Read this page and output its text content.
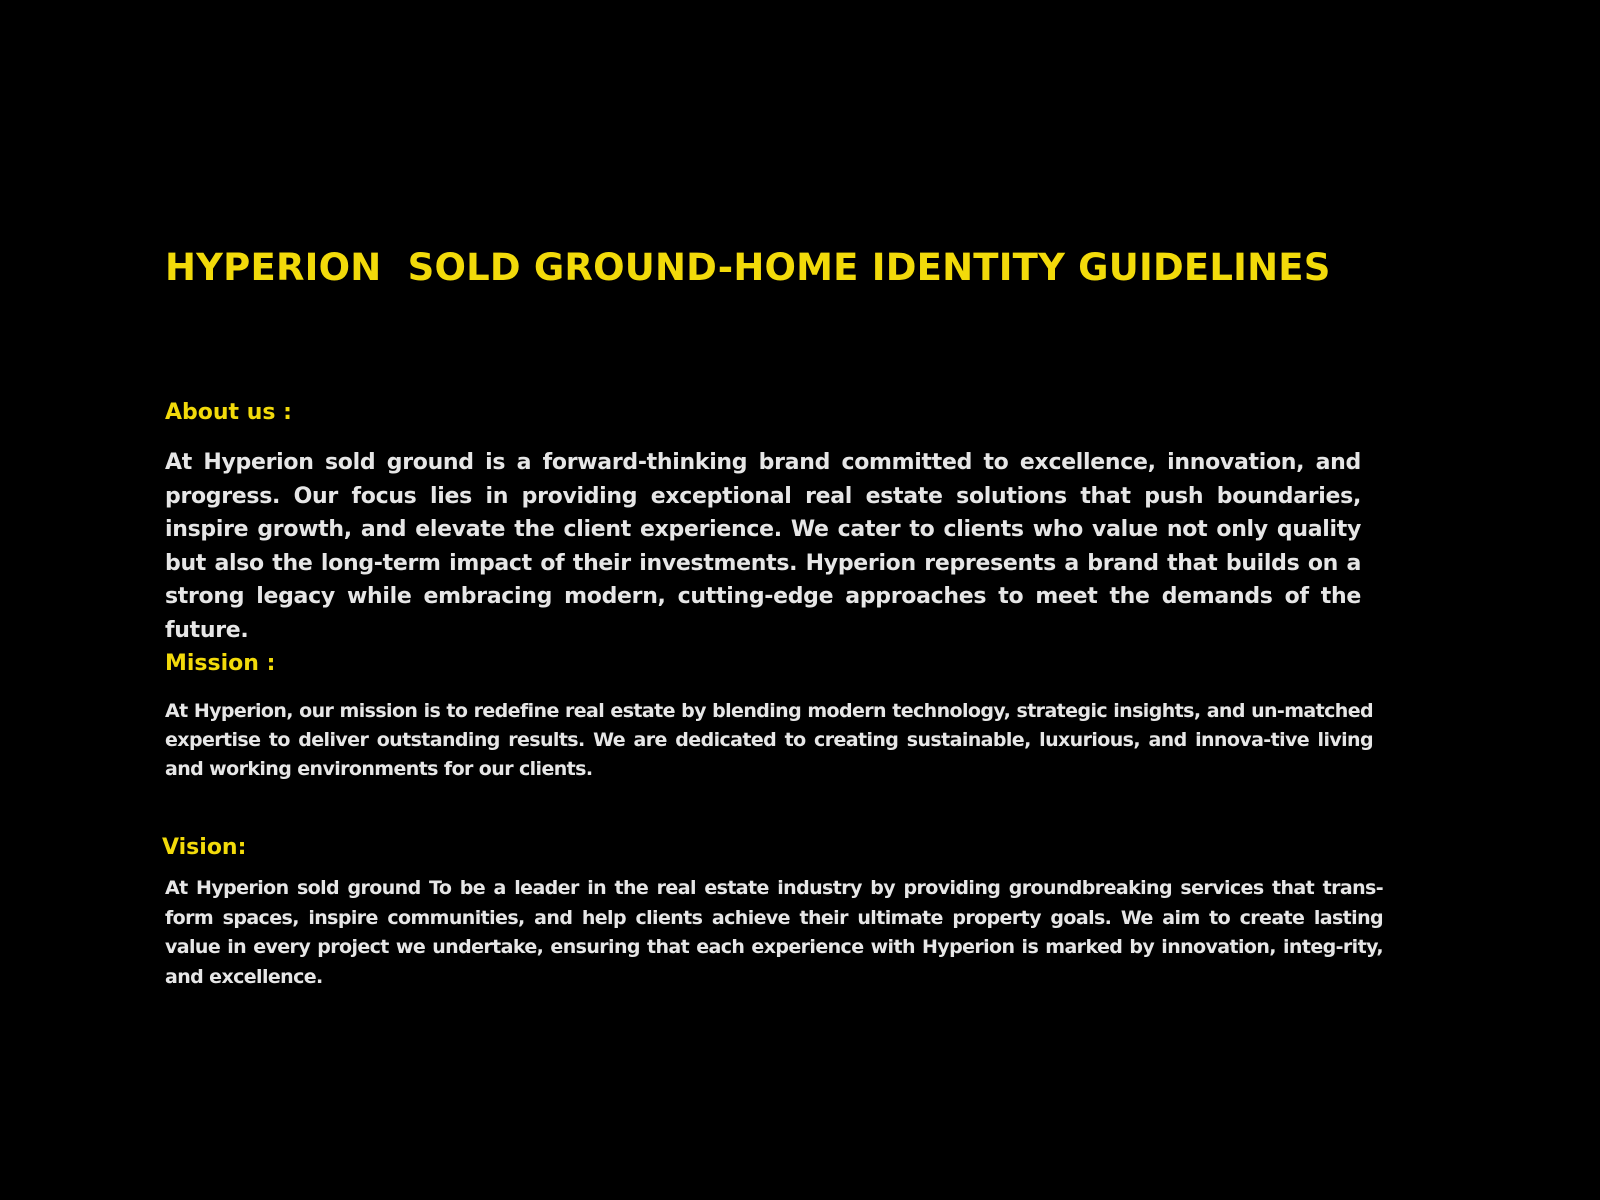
HYPERION  SOLD GROUND-HOME IDENTITY GUIDELINES
About us :

At Hyperion sold ground is a forward-thinking brand committed to excellence, innovation, and progress. Our focus lies in providing exceptional real estate solutions that push boundaries, inspire growth, and elevate the client experience. We cater to clients who value not only quality but also the long-term impact of their investments. Hyperion represents a brand that builds on a strong legacy while embracing modern, cutting-edge approaches to meet the demands of the future.

Mission :

At Hyperion, our mission is to redefine real estate by blending modern technology, strategic insights, and un-matched expertise to deliver outstanding results. We are dedicated to creating sustainable, luxurious, and innova-tive living and working environments for our clients.

Vision:

At Hyperion sold ground To be a leader in the real estate industry by providing groundbreaking services that trans-form spaces, inspire communities, and help clients achieve their ultimate property goals. We aim to create lasting value in every project we undertake, ensuring that each experience with Hyperion is marked by innovation, integ-rity, and excellence.
